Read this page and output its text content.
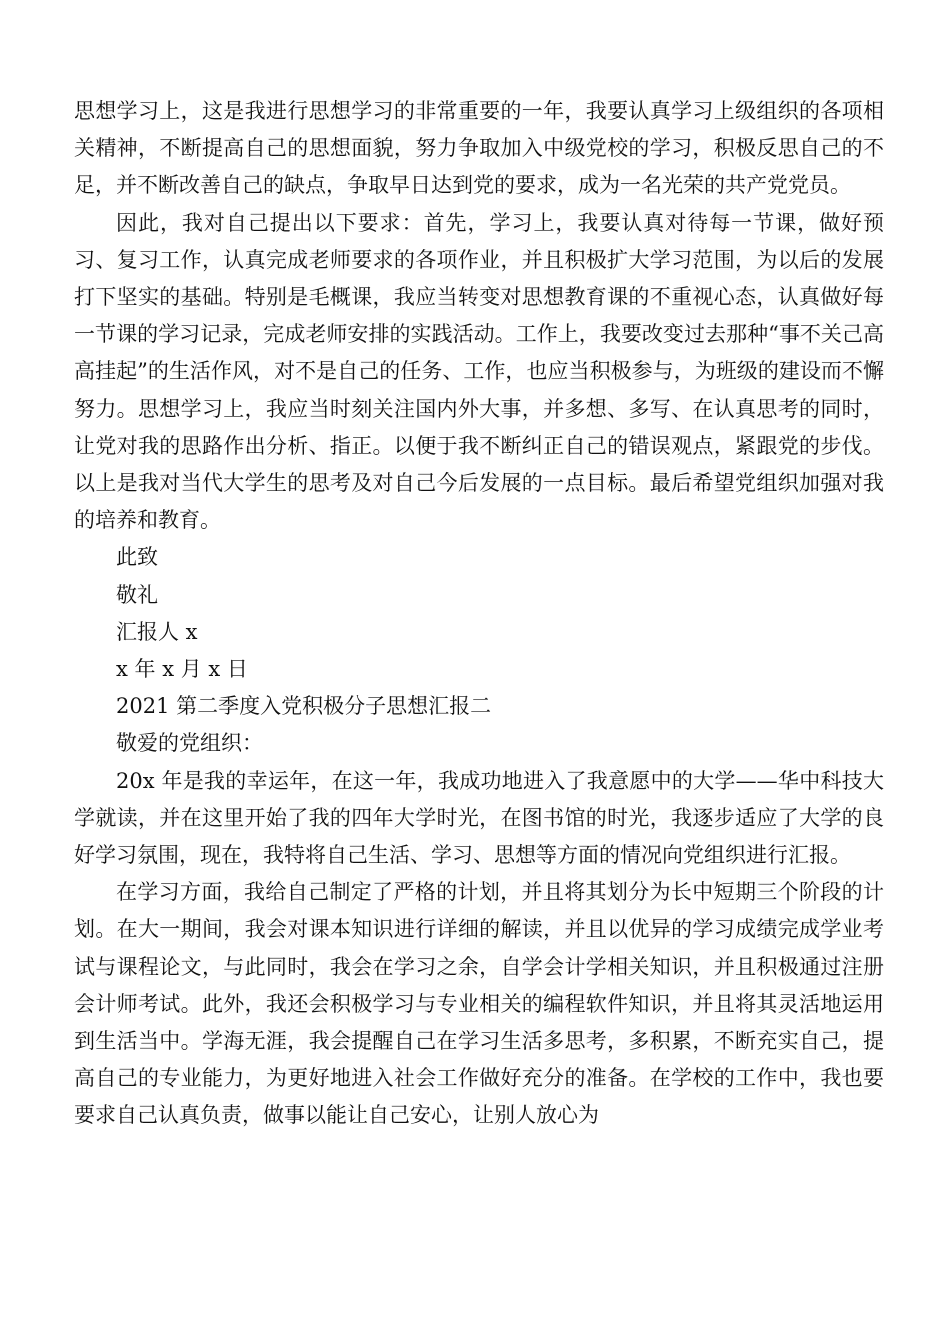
思想学习上，这是我进行思想学习的非常重要的一年，我要认真学习上级组织的各项相关精神，不断提高自己的思想面貌，努力争取加入中级党校的学习，积极反思自己的不足，并不断改善自己的缺点，争取早日达到党的要求，成为一名光荣的共产党党员。

因此，我对自己提出以下要求：首先，学习上，我要认真对待每一节课，做好预习、复习工作，认真完成老师要求的各项作业，并且积极扩大学习范围，为以后的发展打下坚实的基础。特别是毛概课，我应当转变对思想教育课的不重视心态，认真做好每一节课的学习记录，完成老师安排的实践活动。工作上，我要改变过去那种“事不关己高高挂起”的生活作风，对不是自己的任务、工作，也应当积极参与，为班级的建设而不懈努力。思想学习上，我应当时刻关注国内外大事，并多想、多写、在认真思考的同时，让党对我的思路作出分析、指正。以便于我不断纠正自己的错误观点，紧跟党的步伐。以上是我对当代大学生的思考及对自己今后发展的一点目标。最后希望党组织加强对我的培养和教育。

此致

敬礼

汇报人 x

x 年 x 月 x 日

2021 第二季度入党积极分子思想汇报二

敬爱的党组织：

20x 年是我的幸运年，在这一年，我成功地进入了我意愿中的大学——华中科技大学就读，并在这里开始了我的四年大学时光，在图书馆的时光，我逐步适应了大学的良好学习氛围，现在，我特将自己生活、学习、思想等方面的情况向党组织进行汇报。

在学习方面，我给自己制定了严格的计划，并且将其划分为长中短期三个阶段的计划。在大一期间，我会对课本知识进行详细的解读，并且以优异的学习成绩完成学业考试与课程论文，与此同时，我会在学习之余，自学会计学相关知识，并且积极通过注册会计师考试。此外，我还会积极学习与专业相关的编程软件知识，并且将其灵活地运用到生活当中。学海无涯，我会提醒自己在学习生活多思考，多积累，不断充实自己，提高自己的专业能力，为更好地进入社会工作做好充分的准备。在学校的工作中，我也要要求自己认真负责，做事以能让自己安心，让别人放心为
